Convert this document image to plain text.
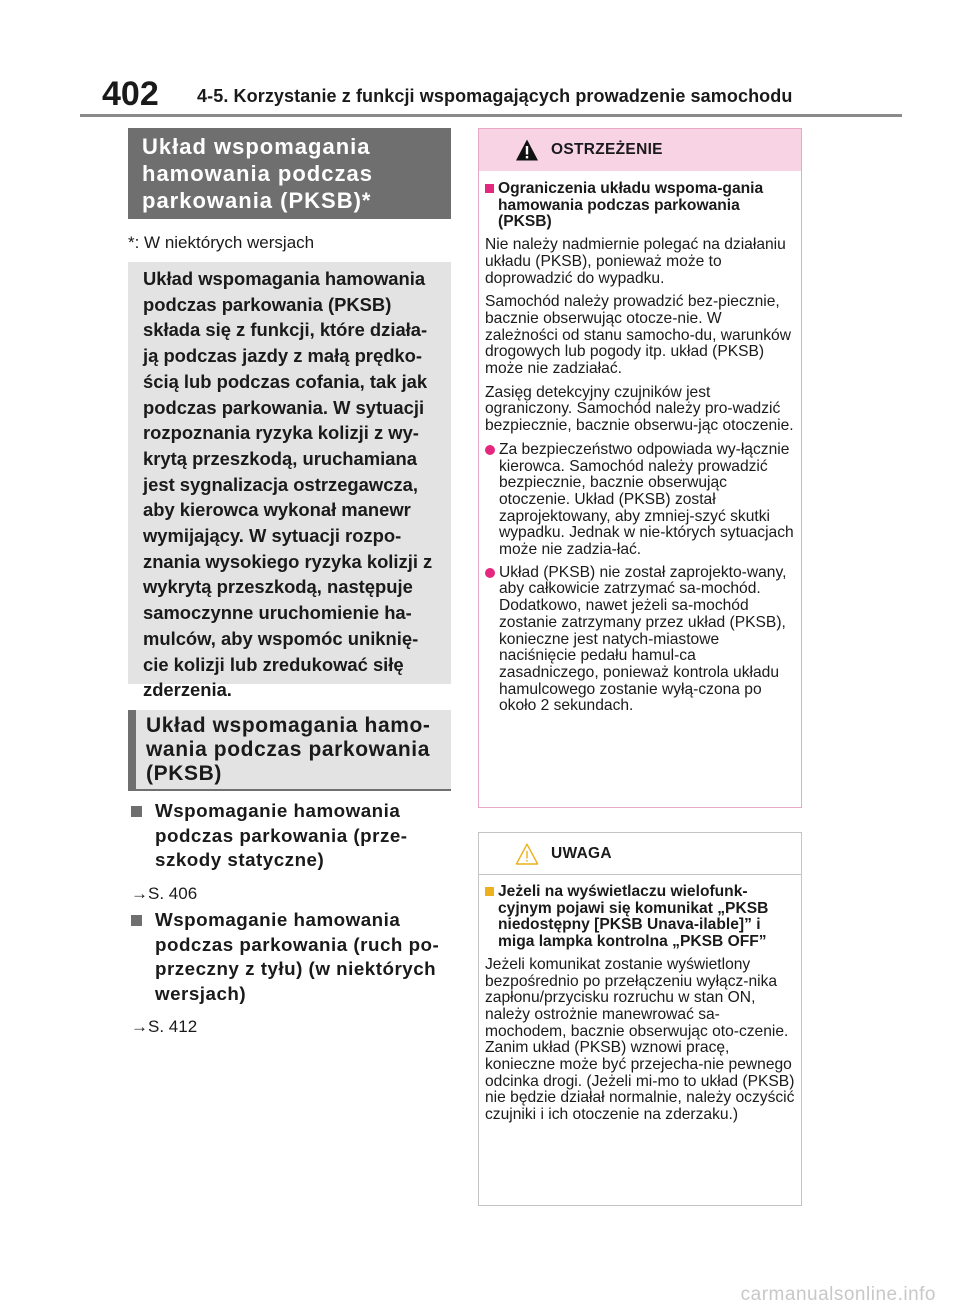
402 4-5. Korzystanie z funkcji wspomagających prowadzenie samochodu
Układ wspomagania hamowania podczas parkowania (PKSB)*
*: W niektórych wersjach
Układ wspomagania hamowania podczas parkowania (PKSB) składa się z funkcji, które działa-ją podczas jazdy z małą prędko-ścią lub podczas cofania, tak jak podczas parkowania. W sytuacji rozpoznania ryzyka kolizji z wy-krytą przeszkodą, uruchamiana jest sygnalizacja ostrzegawcza, aby kierowca wykonał manewr wymijający. W sytuacji rozpo-znania wysokiego ryzyka kolizji z wykrytą przeszkodą, następuje samoczynne uruchomienie ha-mulców, aby wspomóc uniknię-cie kolizji lub zredukować siłę zderzenia.
Układ wspomagania hamo-wania podczas parkowania (PKSB)
Wspomaganie hamowania podczas parkowania (prze-szkody statyczne)
→S. 406
Wspomaganie hamowania podczas parkowania (ruch po-przeczny z tyłu) (w niektórych wersjach)
→S. 412
OSTRZEŻENIE
Ograniczenia układu wspoma-gania hamowania podczas parkowania (PKSB)

Nie należy nadmiernie polegać na działaniu układu (PKSB), ponieważ może to doprowadzić do wypadku.

Samochód należy prowadzić bez-piecznie, bacznie obserwując otocze-nie. W zależności od stanu samocho-du, warunków drogowych lub pogody itp. układ (PKSB) może nie zadziałać.

Zasięg detekcyjny czujników jest ograniczony. Samochód należy pro-wadzić bezpiecznie, bacznie obserwu-jąc otoczenie.

Za bezpieczeństwo odpowiada wy-łącznie kierowca. Samochód należy prowadzić bezpiecznie, bacznie obserwując otoczenie. Układ (PKSB) został zaprojektowany, aby zmniej-szyć skutki wypadku. Jednak w nie-których sytuacjach może nie zadzia-łać.
Układ (PKSB) nie został zaprojekto-wany, aby całkowicie zatrzymać sa-mochód. Dodatkowo, nawet jeżeli sa-mochód zostanie zatrzymany przez układ (PKSB), konieczne jest natych-miastowe naciśnięcie pedału hamul-ca zasadniczego, ponieważ kontrola układu hamulcowego zostanie wyłą-czona po około 2 sekundach.
UWAGA
Jeżeli na wyświetlaczu wielofunk-cyjnym pojawi się komunikat „PKSB niedostępny [PKSB Unava-ilable]” i miga lampka kontrolna „PKSB OFF”

Jeżeli komunikat zostanie wyświetlony bezpośrednio po przełączeniu wyłącz-nika zapłonu/przycisku rozruchu w stan ON, należy ostrożnie manewrować sa-mochodem, bacznie obserwując oto-czenie. Zanim układ (PKSB) wznowi pracę, konieczne może być przejecha-nie pewnego odcinka drogi. (Jeżeli mi-mo to układ (PKSB) nie będzie działał normalnie, należy oczyścić czujniki i ich otoczenie na zderzaku.)

carmanualsonline.info
